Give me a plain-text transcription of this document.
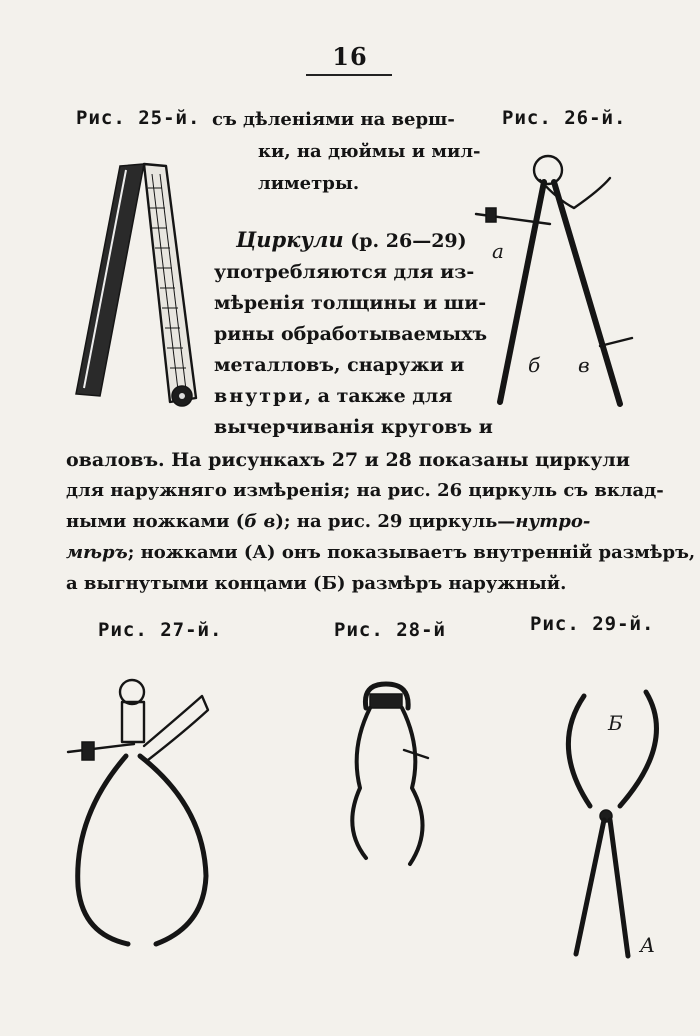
16
Рис. 25-й.	Рис. 26-й.
съ дѣленіями на верш-
ки, на дюймы и мил-
лиметры.
Циркули (р. 26—29)
употребляются для из-
мѣренія толщины и ши-
рины обработываемыхъ
металловъ, снаружи и
внутри, а также для
вычерчиванія круговъ и
оваловъ. На рисункахъ 27 и 28 показаны циркули
для наружняго измѣренія; на рис. 26 циркуль съ вклад-
ными ножками (б в); на рис. 29 циркуль—нутро-
мѣръ; ножками (А) онъ показываетъ внутренній размѣръ,
а выгнутыми концами (Б) размѣръ наружный.
Рис. 27-й.	Рис. 28-й	Рис. 29-й.
а
б в
Б
А
